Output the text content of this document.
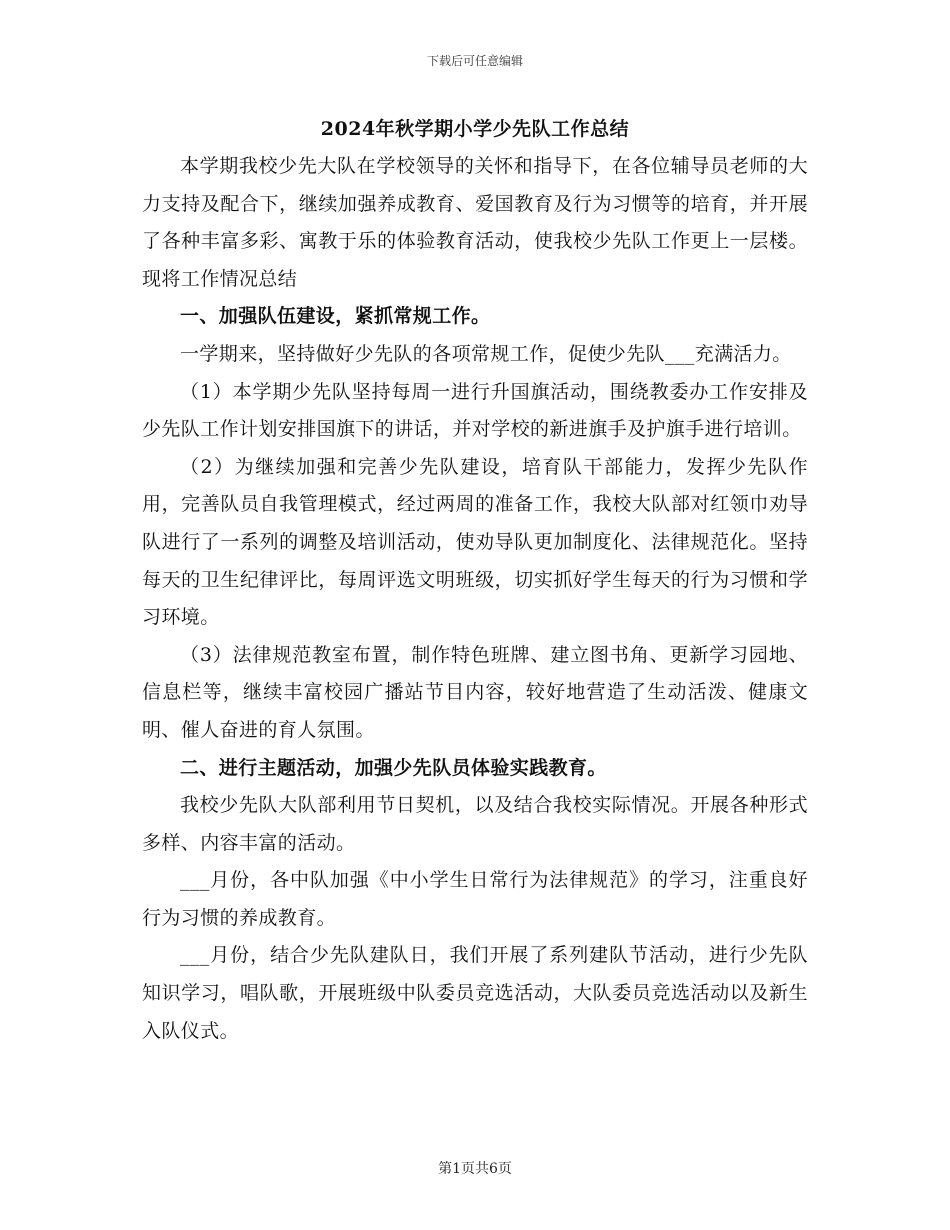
下载后可任意编辑
2024年秋学期小学少先队工作总结

本学期我校少先大队在学校领导的关怀和指导下，在各位辅导员老师的大力支持及配合下，继续加强养成教育、爱国教育及行为习惯等的培育，并开展了各种丰富多彩、寓教于乐的体验教育活动，使我校少先队工作更上一层楼。现将工作情况总结

一、加强队伍建设，紧抓常规工作。

一学期来，坚持做好少先队的各项常规工作，促使少先队___充满活力。

（1）本学期少先队坚持每周一进行升国旗活动，围绕教委办工作安排及少先队工作计划安排国旗下的讲话，并对学校的新进旗手及护旗手进行培训。

（2）为继续加强和完善少先队建设，培育队干部能力，发挥少先队作用，完善队员自我管理模式，经过两周的准备工作，我校大队部对红领巾劝导队进行了一系列的调整及培训活动，使劝导队更加制度化、法律规范化。坚持每天的卫生纪律评比，每周评选文明班级，切实抓好学生每天的行为习惯和学习环境。

（3）法律规范教室布置，制作特色班牌、建立图书角、更新学习园地、信息栏等，继续丰富校园广播站节目内容，较好地营造了生动活泼、健康文明、催人奋进的育人氛围。

二、进行主题活动，加强少先队员体验实践教育。

我校少先队大队部利用节日契机，以及结合我校实际情况。开展各种形式多样、内容丰富的活动。

___月份，各中队加强《中小学生日常行为法律规范》的学习，注重良好行为习惯的养成教育。

___月份，结合少先队建队日，我们开展了系列建队节活动，进行少先队知识学习，唱队歌，开展班级中队委员竞选活动，大队委员竞选活动以及新生入队仪式。

第1页共6页
